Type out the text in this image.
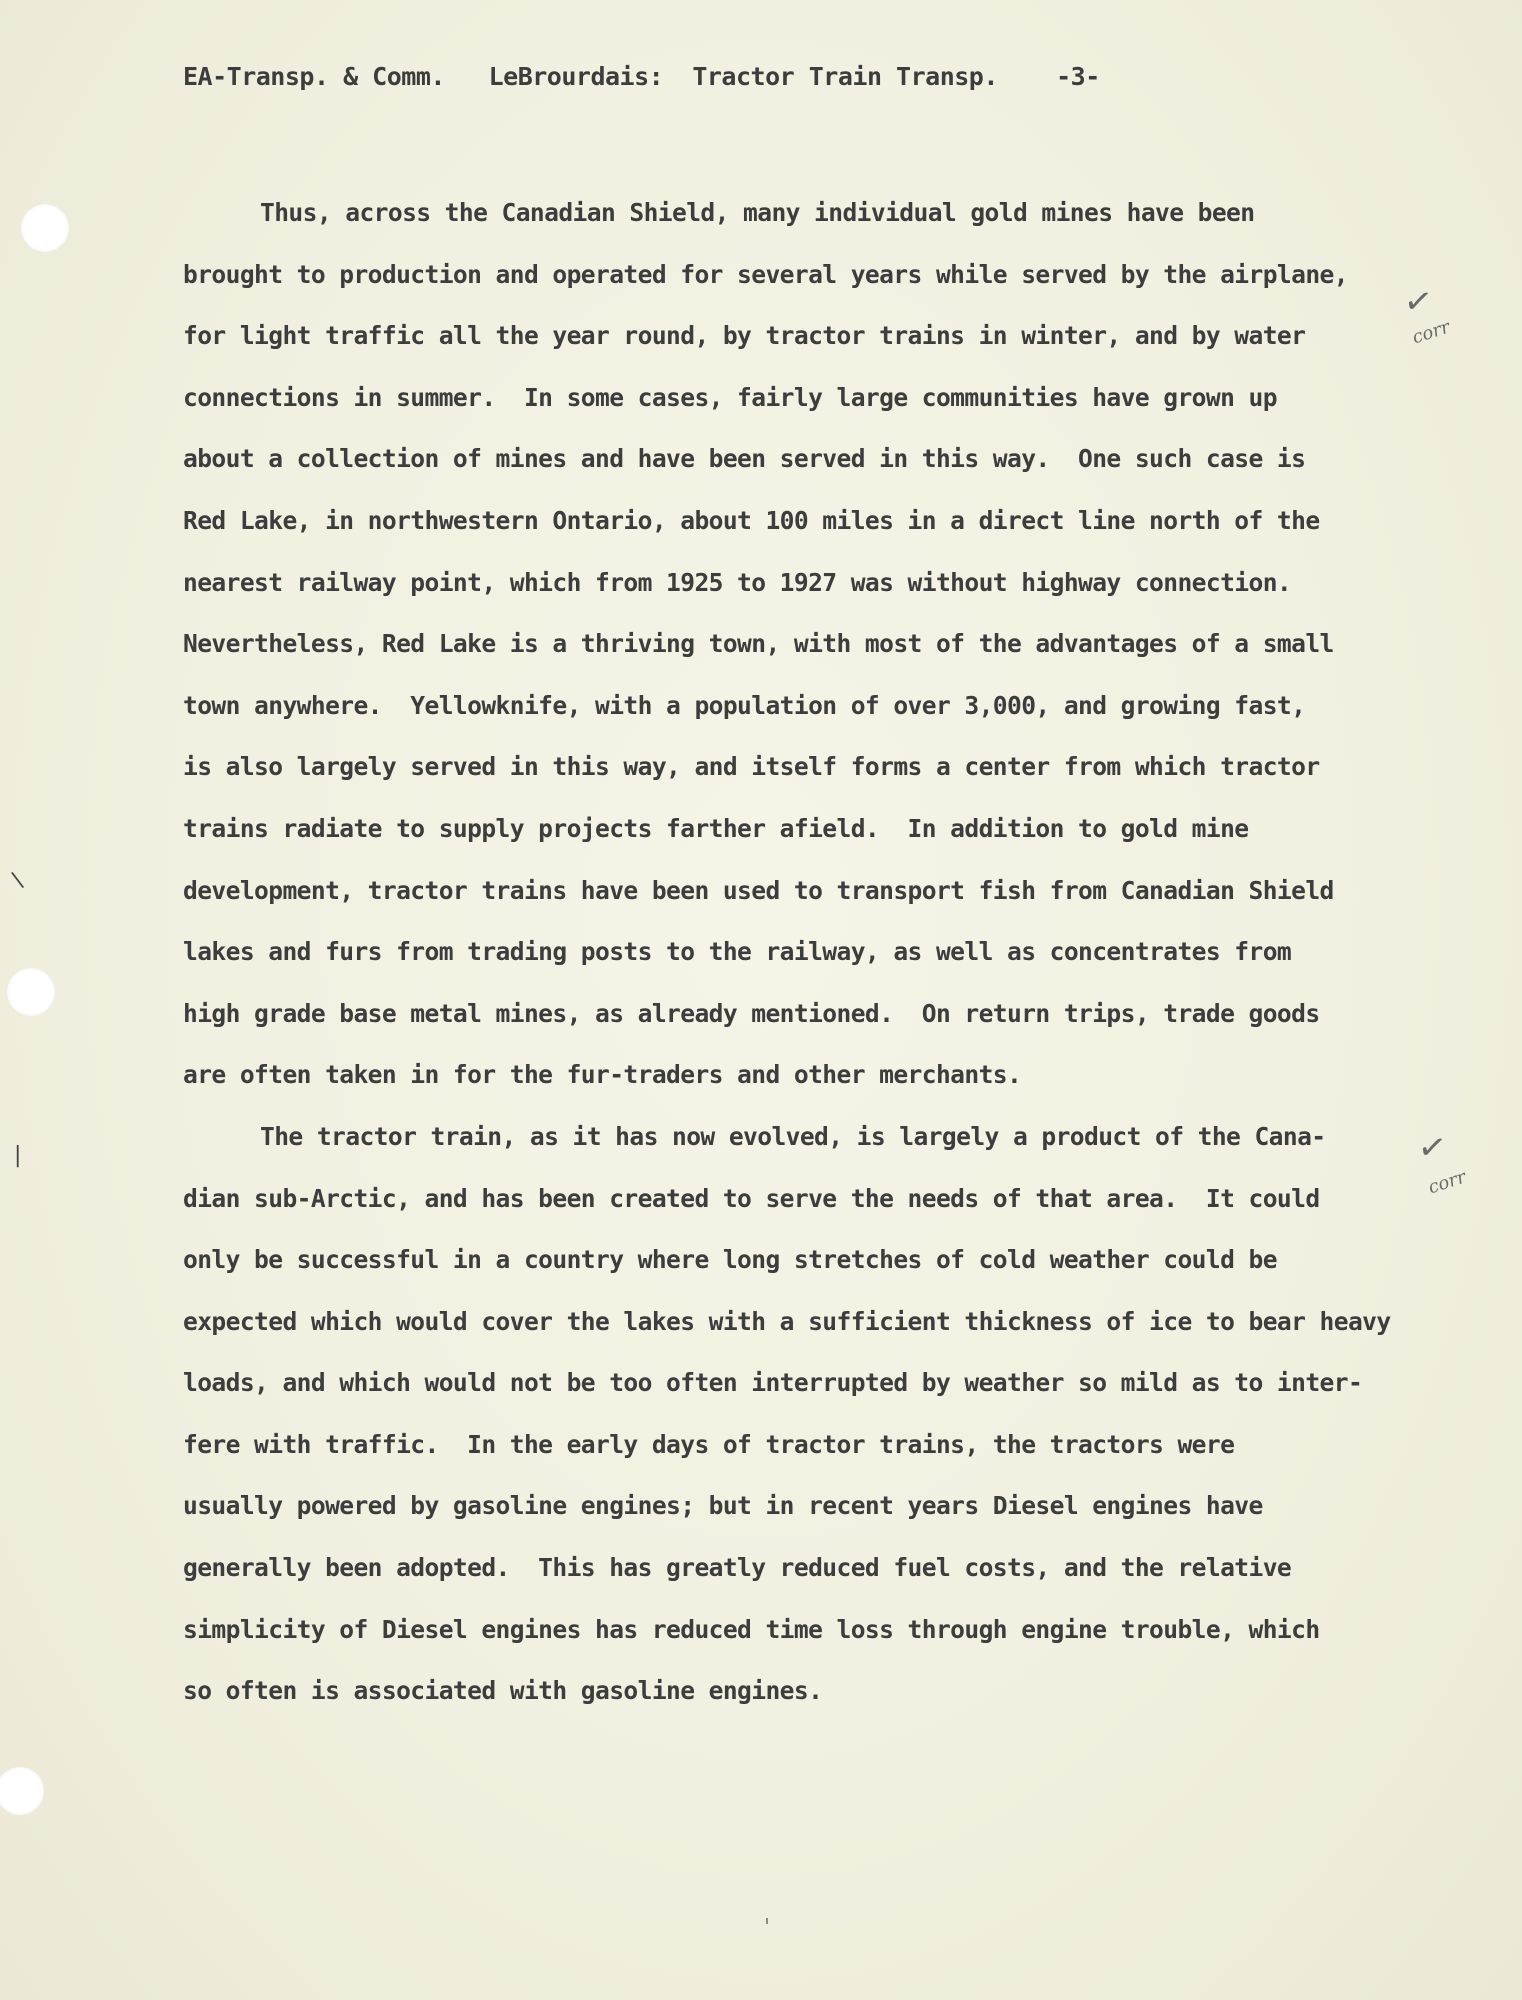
\
|
EA-Transp. & Comm. LeBrourdais: Tractor Train Transp. -3-
Thus, across the Canadian Shield, many individual gold mines have been
brought to production and operated for several years while served by the airplane,
for light traffic all the year round, by tractor trains in winter, and by water
connections in summer.  In some cases, fairly large communities have grown up
about a collection of mines and have been served in this way.  One such case is
Red Lake, in northwestern Ontario, about 100 miles in a direct line north of the
nearest railway point, which from 1925 to 1927 was without highway connection.
Nevertheless, Red Lake is a thriving town, with most of the advantages of a small
town anywhere.  Yellowknife, with a population of over 3,000, and growing fast,
is also largely served in this way, and itself forms a center from which tractor
trains radiate to supply projects farther afield.  In addition to gold mine
development, tractor trains have been used to transport fish from Canadian Shield
lakes and furs from trading posts to the railway, as well as concentrates from
high grade base metal mines, as already mentioned.  On return trips, trade goods
are often taken in for the fur-traders and other merchants.
The tractor train, as it has now evolved, is largely a product of the Cana-
dian sub-Arctic, and has been created to serve the needs of that area.  It could
only be successful in a country where long stretches of cold weather could be
expected which would cover the lakes with a sufficient thickness of ice to bear heavy
loads, and which would not be too often interrupted by weather so mild as to inter-
fere with traffic.  In the early days of tractor trains, the tractors were
usually powered by gasoline engines; but in recent years Diesel engines have
generally been adopted.  This has greatly reduced fuel costs, and the relative
simplicity of Diesel engines has reduced time loss through engine trouble, which
so often is associated with gasoline engines.
✓
corr
✓
corr
